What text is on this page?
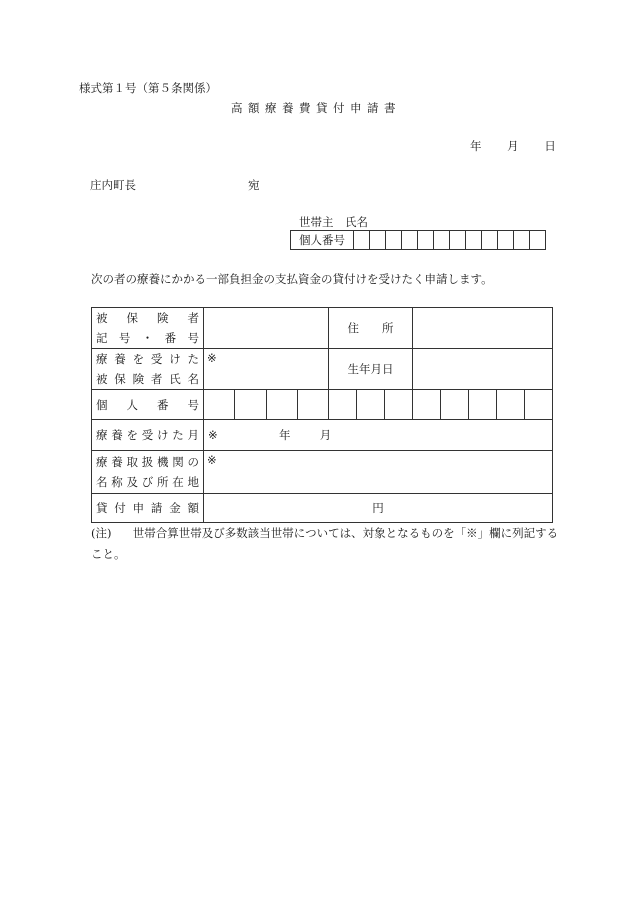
様式第１号（第５条関係）
高額療養費貸付申請書
年 月 日
庄内町長	宛
世帯主　氏名
個人番号												
次の者の療養にかかる一部負担金の支払資金の貸付けを受けたく申請します。
被　保　険　者
記号・番号					住　　所							

療養を受けた
被保険者氏名	※				生年月日							
個　人　番　号												
療養を受けた月	※ 年 月											

療養取扱機関の
名称及び所在地	※											
貸付申請金額	円											
(注) 世帯合算世帯及び多数該当世帯については、対象となるものを「※」欄に列記すること。
